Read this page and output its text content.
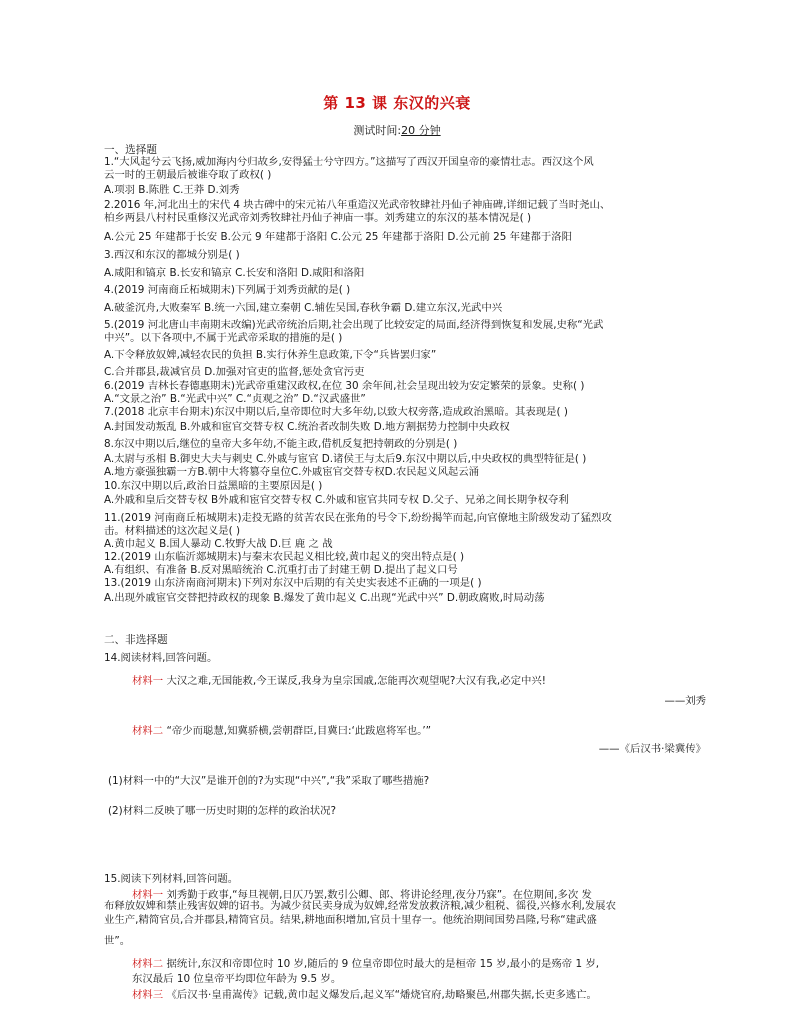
第 13 课 东汉的兴衰
测试时间:20 分钟
一、选择题
1.“大风起兮云飞扬,威加海内兮归故乡,安得猛士兮守四方。”这描写了西汉开国皇帝的豪情壮志。西汉这个风
云一时的王朝最后被谁夺取了政权( )
A.项羽 B.陈胜 C.王莽 D.刘秀
2.2016 年,河北出土的宋代 4 块古碑中的宋元祐八年重造汉光武帝牧肆社丹仙子神庙碑,详细记载了当时尧山、
柏乡两县八村村民重修汉光武帝刘秀牧肆社丹仙子神庙一事。刘秀建立的东汉的基本情况是( )
A.公元 25 年建都于长安 B.公元 9 年建都于洛阳 C.公元 25 年建都于洛阳 D.公元前 25 年建都于洛阳
3.西汉和东汉的都城分别是( )
A.咸阳和镐京 B.长安和镐京 C.长安和洛阳 D.咸阳和洛阳
4.(2019 河南商丘柘城期末)下列属于刘秀贡献的是( )
A.破釜沉舟,大败秦军 B.统一六国,建立秦朝 C.辅佐吴国,春秋争霸 D.建立东汉,光武中兴
5.(2019 河北唐山丰南期末改编)光武帝统治后期,社会出现了比较安定的局面,经济得到恢复和发展,史称“光武
中兴”。以下各项中,不属于光武帝采取的措施的是( )
A.下令释放奴婢,减轻农民的负担 B.实行休养生息政策,下令“兵皆罢归家”
C.合并郡县,裁减官员 D.加强对官吏的监督,惩处贪官污吏
6.(2019 吉林长春德惠期末)光武帝重建汉政权,在位 30 余年间,社会呈现出较为安定繁荣的景象。史称( )
A.“文景之治” B.“光武中兴” C.“贞观之治” D.“汉武盛世”
7.(2018 北京丰台期末)东汉中期以后,皇帝即位时大多年幼,以致大权旁落,造成政治黑暗。其表现是( )
A.封国发动叛乱 B.外戚和宦官交替专权 C.统治者改制失败 D.地方割据势力控制中央政权
8.东汉中期以后,继位的皇帝大多年幼,不能主政,借机反复把持朝政的分别是( )
A.太尉与丞相 B.御史大夫与刺史 C.外戚与宦官 D.诸侯王与太后9.东汉中期以后,中央政权的典型特征是( )
A.地方豪强独霸一方B.朝中大将篡夺皇位C.外戚宦官交替专权D.农民起义风起云涌
10.东汉中期以后,政治日益黑暗的主要原因是( )
A.外戚和皇后交替专权 B外戚和宦官交替专权 C.外戚和宦官共同专权 D.父子、兄弟之间长期争权夺利
11.(2019 河南商丘柘城期末)走投无路的贫苦农民在张角的号令下,纷纷揭竿而起,向官僚地主阶级发动了猛烈攻
击。材料描述的这次起义是( )
A.黄巾起义 B.国人暴动 C.牧野大战 D.巨 鹿 之 战
12.(2019 山东临沂郯城期末)与秦末农民起义相比较,黄巾起义的突出特点是( )
A.有组织、有准备 B.反对黑暗统治 C.沉重打击了封建王朝 D.提出了起义口号
13.(2019 山东济南商河期末)下列对东汉中后期的有关史实表述不正确的一项是( )
A.出现外戚宦官交替把持政权的现象 B.爆发了黄巾起义 C.出现“光武中兴” D.朝政腐败,时局动荡
二、非选择题
14.阅读材料,回答问题。
材料一 大汉之难,无国能救,今王谋反,我身为皇宗国戚,怎能再次观望呢?大汉有我,必定中兴!
——刘秀
材料二 “帝少而聪慧,知冀骄横,尝朝群臣,目冀曰:‘此跋扈将军也。’”
——《后汉书·梁冀传》
(1)材料一中的“大汉”是谁开创的?为实现“中兴”,“我”采取了哪些措施?
(2)材料二反映了哪一历史时期的怎样的政治状况?
15.阅读下列材料,回答问题。
材料一 刘秀勤于政事,“每旦视朝,日仄乃罢,数引公卿、郎、将讲论经理,夜分乃寐”。在位期间,多次 发
布释放奴婢和禁止残害奴婢的诏书。为减少贫民卖身成为奴婢,经常发放救济粮,减少租税、徭役,兴修水利,发展农
业生产,精简官员,合并郡县,精简官员。结果,耕地面积增加,官员十里存一。他统治期间国势昌隆,号称“建武盛
世”。
材料二 据统计,东汉和帝即位时 10 岁,随后的 9 位皇帝即位时最大的是桓帝 15 岁,最小的是殇帝 1 岁,
东汉最后 10 位皇帝平均即位年龄为 9.5 岁。
材料三 《后汉书·皇甫嵩传》记载,黄巾起义爆发后,起义军“燔烧官府,劫略聚邑,州郡失据,长吏多逃亡。
